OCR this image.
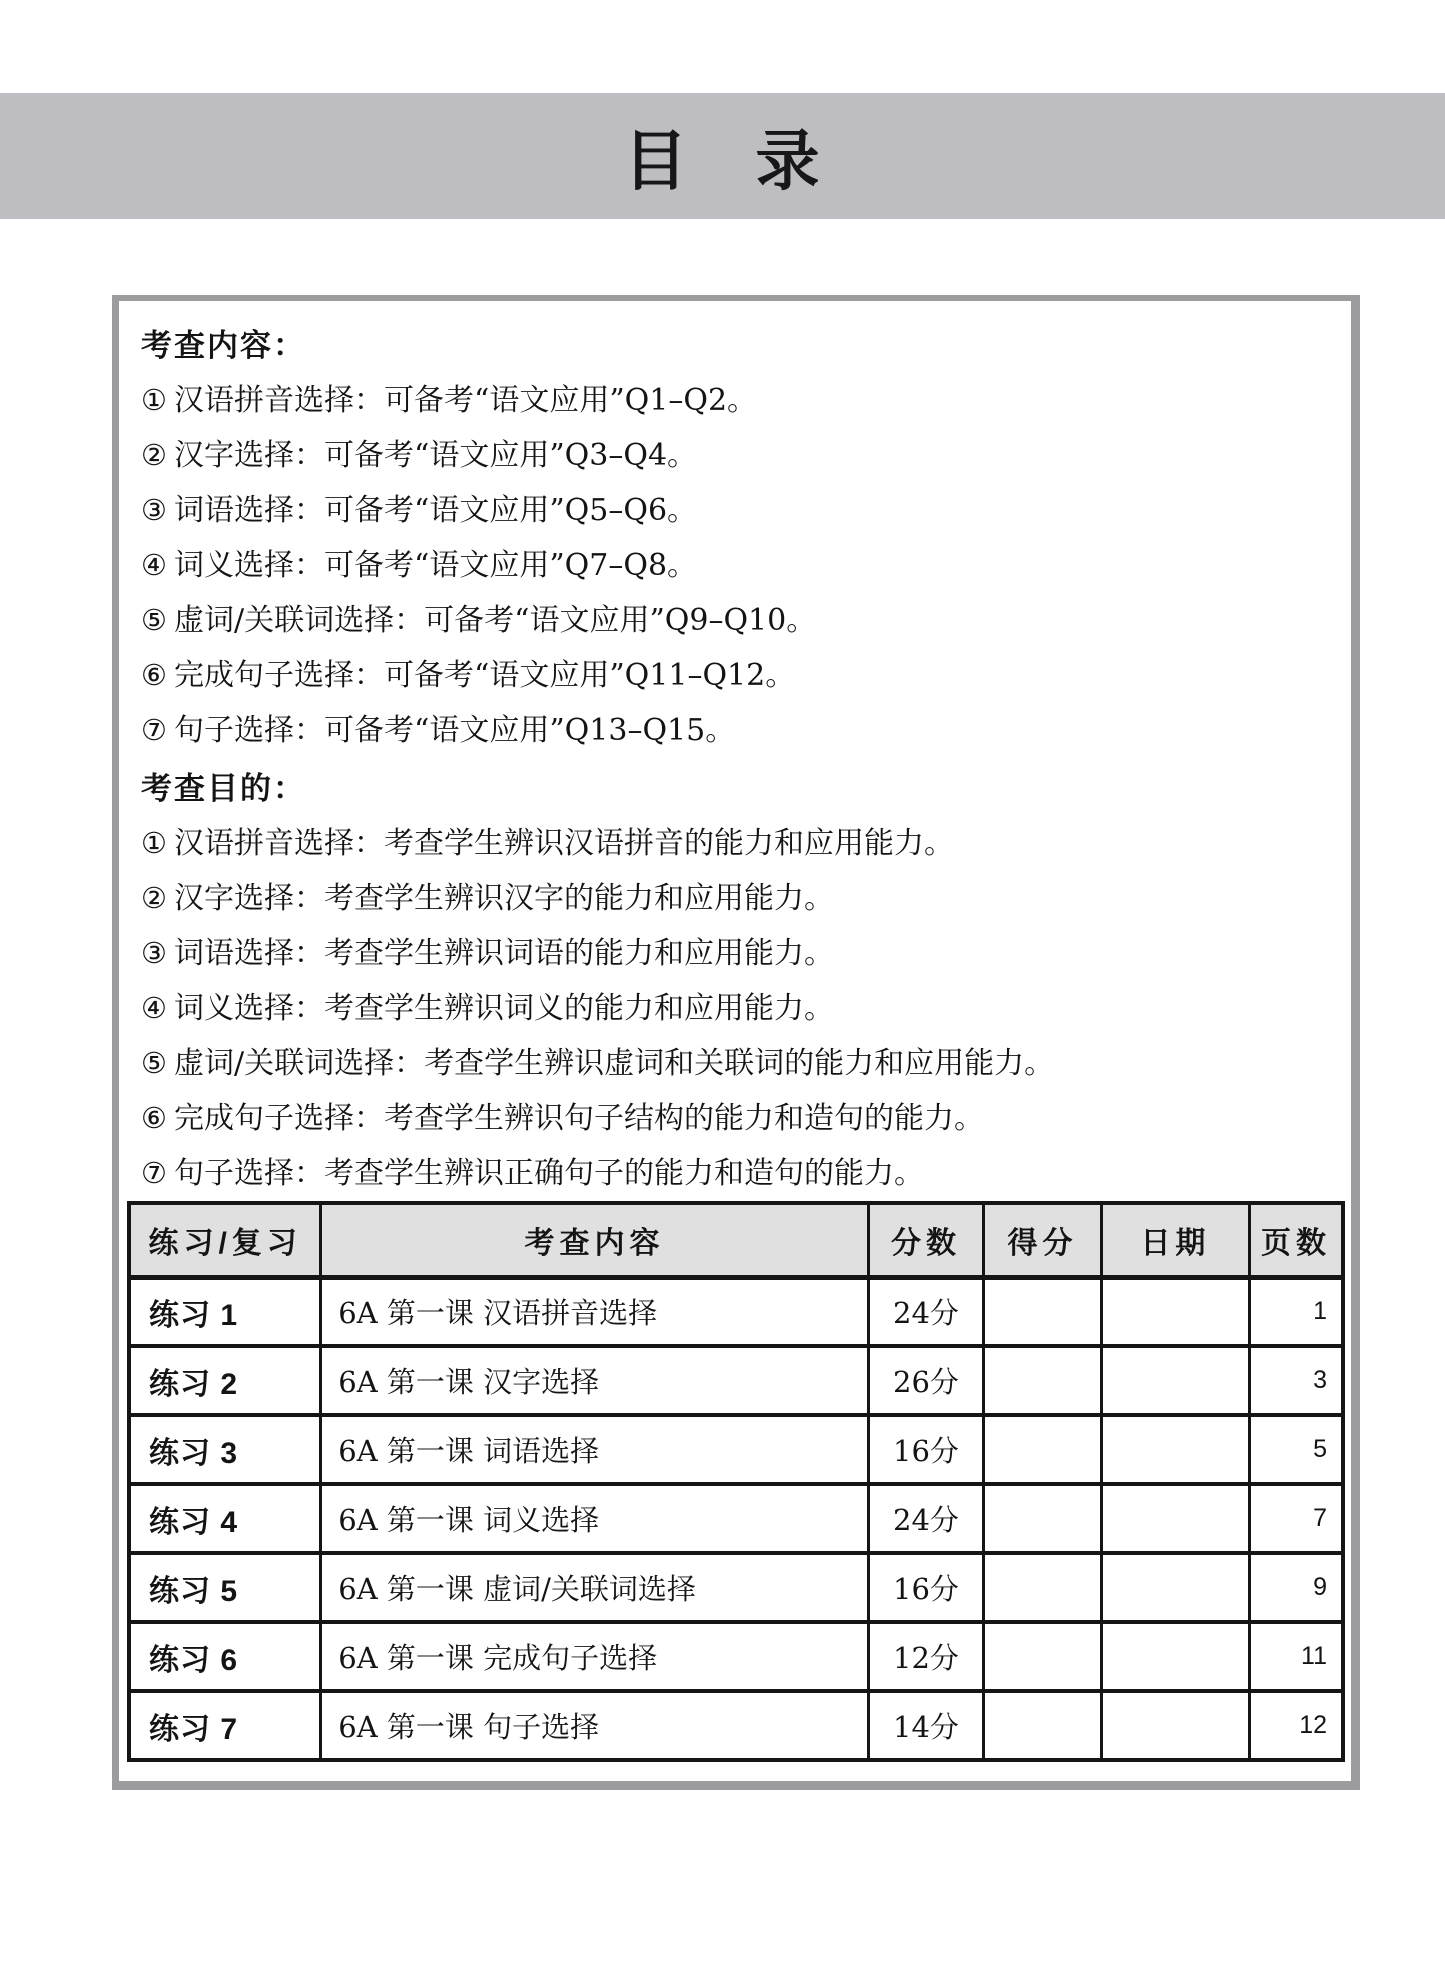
目　录
考查内容：
① 汉语拼音选择：可备考“语文应用”Q1–Q2。
② 汉字选择：可备考“语文应用”Q3–Q4。
③ 词语选择：可备考“语文应用”Q5–Q6。
④ 词义选择：可备考“语文应用”Q7–Q8。
⑤ 虚词/关联词选择：可备考“语文应用”Q9–Q10。
⑥ 完成句子选择：可备考“语文应用”Q11–Q12。
⑦ 句子选择：可备考“语文应用”Q13–Q15。
考查目的：
① 汉语拼音选择：考查学生辨识汉语拼音的能力和应用能力。
② 汉字选择：考查学生辨识汉字的能力和应用能力。
③ 词语选择：考查学生辨识词语的能力和应用能力。
④ 词义选择：考查学生辨识词义的能力和应用能力。
⑤ 虚词/关联词选择：考查学生辨识虚词和关联词的能力和应用能力。
⑥ 完成句子选择：考查学生辨识句子结构的能力和造句的能力。
⑦ 句子选择：考查学生辨识正确句子的能力和造句的能力。
练习/复习	考查内容	分数	得分	日期	页数
练习 1	6A 第一课 汉语拼音选择	24分			1
练习 2	6A 第一课 汉字选择	26分			3
练习 3	6A 第一课 词语选择	16分			5
练习 4	6A 第一课 词义选择	24分			7
练习 5	6A 第一课 虚词/关联词选择	16分			9
练习 6	6A 第一课 完成句子选择	12分			11
练习 7	6A 第一课 句子选择	14分			12
